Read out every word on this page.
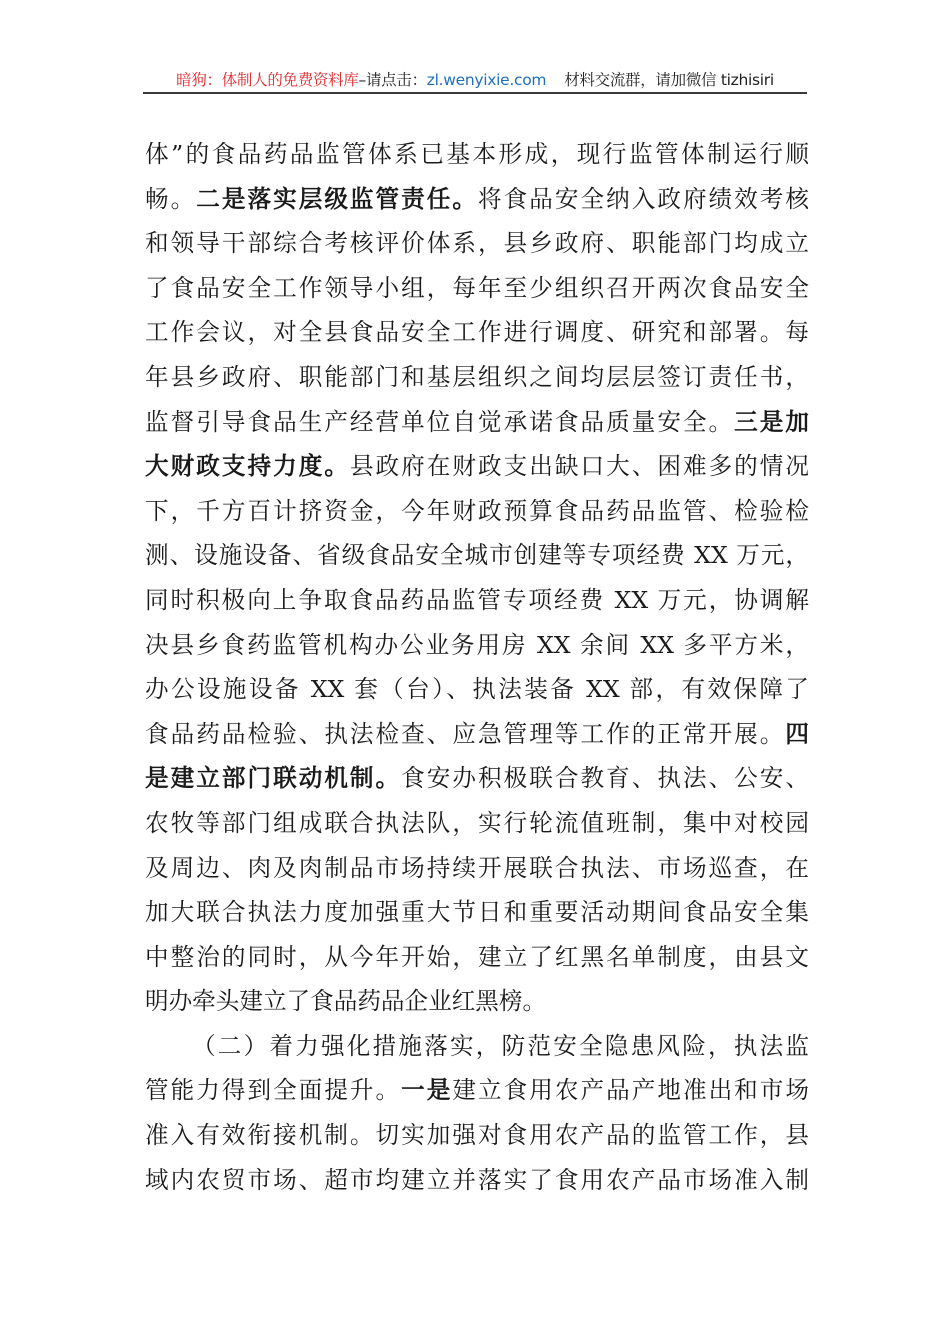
暗狗：体制人的免费资料库–请点击：zl.wenyixie.com 材料交流群，请加微信 tizhisiri
体”的食品药品监管体系已基本形成，现行监管体制运行顺
畅。二是落实层级监管责任。将食品安全纳入政府绩效考核
和领导干部综合考核评价体系，县乡政府、职能部门均成立
了食品安全工作领导小组，每年至少组织召开两次食品安全
工作会议，对全县食品安全工作进行调度、研究和部署。每
年县乡政府、职能部门和基层组织之间均层层签订责任书，
监督引导食品生产经营单位自觉承诺食品质量安全。三是加
大财政支持力度。县政府在财政支出缺口大、困难多的情况
下，千方百计挤资金，今年财政预算食品药品监管、检验检
测、设施设备、省级食品安全城市创建等专项经费 XX 万元，
同时积极向上争取食品药品监管专项经费 XX 万元，协调解
决县乡食药监管机构办公业务用房 XX 余间 XX 多平方米，
办公设施设备 XX 套（台）、执法装备 XX 部，有效保障了
食品药品检验、执法检查、应急管理等工作的正常开展。四
是建立部门联动机制。食安办积极联合教育、执法、公安、
农牧等部门组成联合执法队，实行轮流值班制，集中对校园
及周边、肉及肉制品市场持续开展联合执法、市场巡查，在
加大联合执法力度加强重大节日和重要活动期间食品安全集
中整治的同时，从今年开始，建立了红黑名单制度，由县文
明办牵头建立了食品药品企业红黑榜。
（二）着力强化措施落实，防范安全隐患风险，执法监
管能力得到全面提升。一是建立食用农产品产地准出和市场
准入有效衔接机制。切实加强对食用农产品的监管工作，县
域内农贸市场、超市均建立并落实了食用农产品市场准入制
